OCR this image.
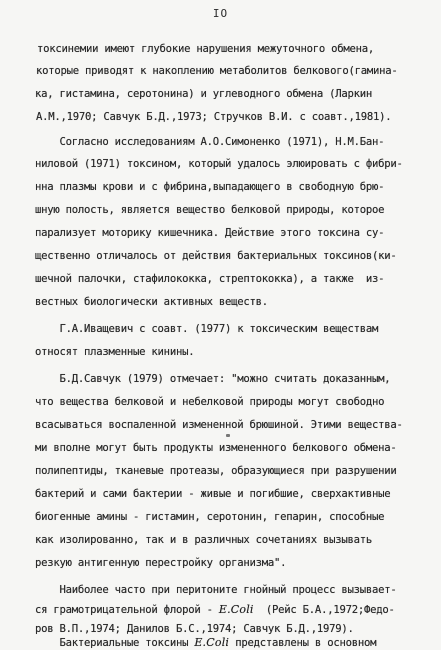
IO
токсинемии имеют глубокие нарушения межуточного обмена,
которые приводят к накоплению метаболитов белкового(гамина-
ка, гистамина, серотонина) и углеводного обмена (Ларкин
А.М.,1970; Савчук Б.Д.,1973; Стручков В.И. с соавт.,1981).
Согласно исследованиям А.О.Симоненко (1971), Н.М.Бан-
ниловой (1971) токсином, который удалось элюировать с фибри-
нна плазмы крови и с фибрина,выпадающего в свободную брю-
шную полость, является вещество белковой природы, которое
парализует моторику кишечника. Действие этого токсина су-
щественно отличалось от действия бактериальных токсинов(ки-
шечной палочки, стафилококка, стрептококка), а также  из-
вестных биологически активных веществ.
Г.А.Иващевич с соавт. (1977) к токсическим веществам
относят плазменные кинины.
Б.Д.Савчук (1979) отмечает: "можно считать доказанным,
что вещества белковой и небелковой природы могут свободно
всасываться воспаленной измененной брюшиной. Этими вещества-
ми вполне могут быть продукты измененного белкового обмена-
полипептиды, тканевые протеазы, образующиеся при разрушении
бактерий и сами бактерии - живые и погибшие, сверхактивные
биогенные амины - гистамин, серотонин, гепарин, способные
как изолированно, так и в различных сочетаниях вызывать
резкую антигенную перестройку организма".
Наиболее часто при перитоните гнойный процесс вызывает-
ся грамотрицательной флорой - E.Coli  (Рейс Б.А.,1972;Федо-
ров В.П.,1974; Данилов Б.С.,1974; Савчук Б.Д.,1979).
Бактериальные токсины E.Coli представлены в основном
